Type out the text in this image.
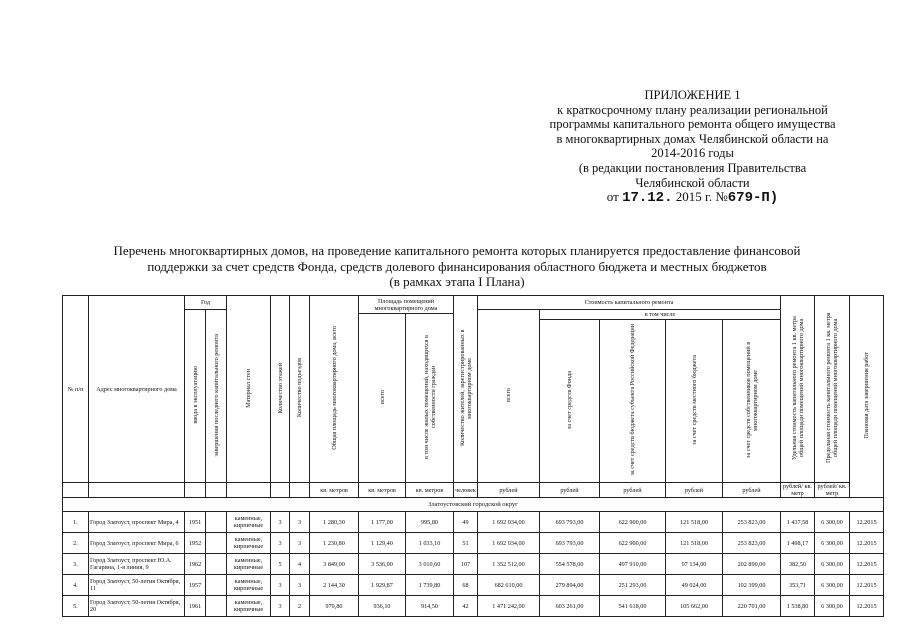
ПРИЛОЖЕНИЕ 1
к краткосрочному плану реализации региональной
программы капитального ремонта общего имущества
в многоквартирных домах Челябинской области на
2014-2016 годы
(в редакции постановления Правительства
Челябинской области
от 17.12. 2015 г. №679-П)
Перечень многоквартирных домов, на проведение капитального ремонта которых планируется предоставление финансовой
поддержки за счет средств Фонда, средств долевого финансирования областного бюджета и местных бюджетов
(в рамках этапа I Плана)
№ п/п	Адрес многоквартирного дома	Год		Материал стен	Количество этажей	Количество подъездов	Общая площадь многоквартирного дома, всего	Площадь помещений многоквартирного дома		Количество жителей, зарегистрированных в многоквартирном доме	Стоимость капитального ремонта					Удельная стоимость капитального ремонта 1 кв. метра общей площади помещений многоквартирного дома	Предельная стоимость капитального ремонта 1 кв. метра общей площади помещений многоквартирного дома	Плановая дата завершения работ
		ввода в эксплуатацию	завершения последнего капитального ремонта								всего	в том числе						
								всего	в том числе жилых помещений, находящихся в собственности граждан									
												за счет средств Фонда	за счет средств бюджета субъекта Российской Федерации	за счет средств местного бюджета	за счет средств собственников помещений в многоквартирном доме			
							кв. метров	кв. метров	кв. метров	человек	рублей	рублей	рублей	рублей	рублей	рублей/ кв. метр	рублей/ кв. метр	
Златоустовский городской округ																		
1.	Город Златоуст, проспект Мира, 4	1951		каменные, кирпичные	3	3	1 280,30	1 177,00	995,80	49	1 692 034,00	693 793,00	622 900,00	121 518,00	253 823,00	1 437,58	6 300,00	12.2015
2.	Город Златоуст, проспект Мира, 6	1952		каменные, кирпичные	3	3	1 230,80	1 129,40	1 033,10	51	1 692 034,00	693 793,00	622 900,00	121 518,00	253 823,00	1 498,17	6 300,00	12.2015
3.	Город Златоуст, проспект Ю.А. Гагарина, 1-я линия, 9	1962		каменные, кирпичные	5	4	3 849,00	3 536,00	3 010,60	107	1 352 512,00	554 578,00	497 910,00	97 134,00	202 890,00	382,50	6 300,00	12.2015
4.	Город Златоуст, 50-летия Октября, 11	1957		каменные, кирпичные	3	3	2 144,30	1 929,87	1 739,80	68	682 610,00	279 894,00	251 293,00	49 024,00	102 399,00	353,71	6 300,00	12.2015
5.	Город Златоуст, 50-летия Октября, 20	1961		каменные, кирпичные	3	2	979,80	936,10	914,50	42	1 471 242,00	603 261,00	541 618,00	105 662,00	220 701,00	1 538,80	6 300,00	12.2015
